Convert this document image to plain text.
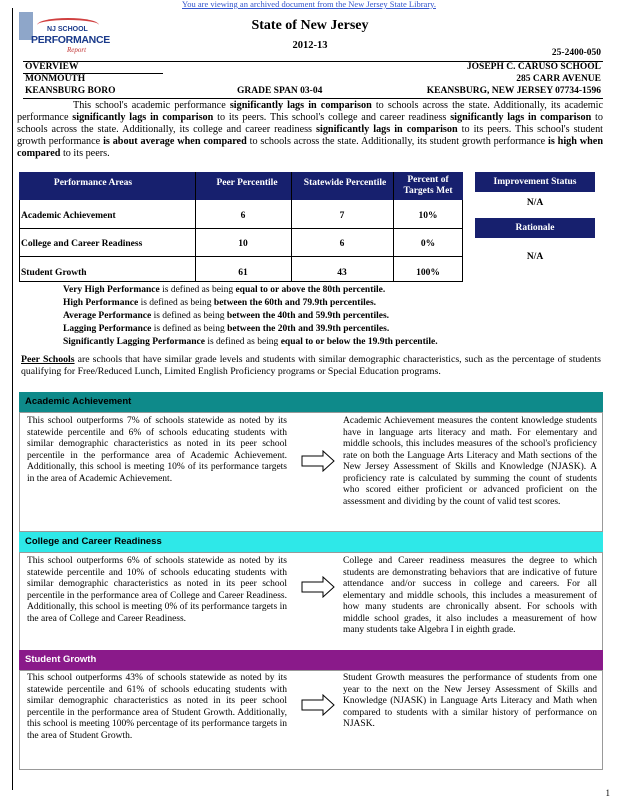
You are viewing an archived document from the New Jersey State Library.
NJ SCHOOL
PERFORMANCE
Report
State of New Jersey
2012-13
25-2400-050
OVERVIEW
MONMOUTH
KEANSBURG BORO	GRADE SPAN 03-04
JOSEPH C. CARUSO SCHOOL
285 CARR AVENUE
KEANSBURG, NEW JERSEY 07734-1596
This school's academic performance significantly lags in comparison to schools across the state. Additionally, its academic performance significantly lags in comparison to its peers. This school's college and career readiness significantly lags in comparison to schools across the state. Additionally, its college and career readiness significantly lags in comparison to its peers. This school's student growth performance is about average when compared to schools across the state. Additionally, its student growth performance is high when compared to its peers.
Performance Areas	Peer Percentile	Statewide Percentile	Percent of Targets Met
Academic Achievement	6	7	10%
College and Career Readiness	10	6	0%
Student Growth	61	43	100%
Improvement Status
N/A
Rationale
N/A
Very High Performance is defined as being equal to or above the 80th percentile.
High Performance is defined as being between the 60th and 79.9th percentiles.
Average Performance is defined as being between the 40th and 59.9th percentiles.
Lagging Performance is defined as being between the 20th and 39.9th percentiles.
Significantly Lagging Performance is defined as being equal to or below the 19.9th percentile.
Peer Schools are schools that have similar grade levels and students with similar demographic characteristics, such as the percentage of students qualifying for Free/Reduced Lunch, Limited English Proficiency programs or Special Education programs.
Academic Achievement
This school outperforms 7% of schools statewide as noted by its statewide percentile and 6% of schools educating students with similar demographic characteristics as noted in its peer school percentile in the performance area of Academic Achievement. Additionally, this school is meeting 10% of its performance targets in the area of Academic Achievement.
Academic Achievement measures the content knowledge students have in language arts literacy and math. For elementary and middle schools, this includes measures of the school's proficiency rate on both the Language Arts Literacy and Math sections of the New Jersey Assessment of Skills and Knowledge (NJASK). A proficiency rate is calculated by summing the count of students who scored either proficient or advanced proficient on the assessment and dividing by the count of valid test scores.
College and Career Readiness
This school outperforms 6% of schools statewide as noted by its statewide percentile and 10% of schools educating students with similar demographic characteristics as noted in its peer school percentile in the performance area of College and Career Readiness. Additionally, this school is meeting 0% of its performance targets in the area of College and Career Readiness.
College and Career readiness measures the degree to which students are demonstrating behaviors that are indicative of future attendance and/or success in college and careers. For all elementary and middle schools, this includes a measurement of how many students are chronically absent. For schools with middle school grades, it also includes a measurement of how many students take Algebra I in eighth grade.
Student Growth
This school outperforms 43% of schools statewide as noted by its statewide percentile and 61% of schools educating students with similar demographic characteristics as noted in its peer school percentile in the performance area of Student Growth. Additionally, this school is meeting 100% percentage of its performance targets in the area of Student Growth.
Student Growth measures the performance of students from one year to the next on the New Jersey Assessment of Skills and Knowledge (NJASK) in Language Arts Literacy and Math when compared to students with a similar history of performance on NJASK.
1
